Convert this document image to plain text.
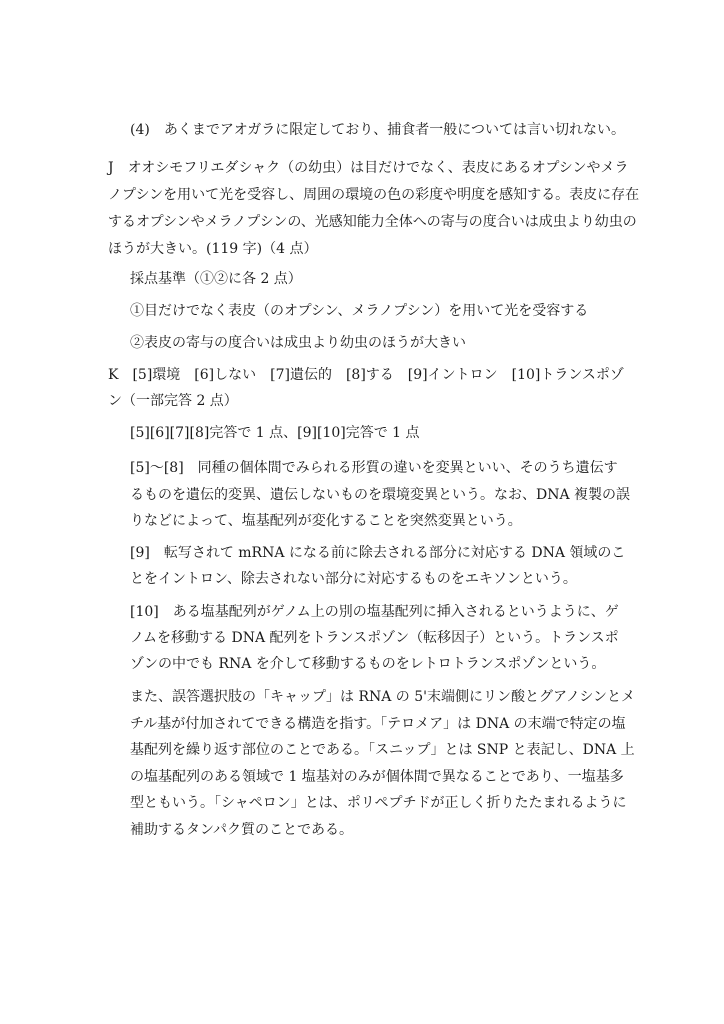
(4)　あくまでアオガラに限定しており、捕食者一般については言い切れない。
J　オオシモフリエダシャク（の幼虫）は目だけでなく、表皮にあるオプシンやメラ
ノプシンを用いて光を受容し、周囲の環境の色の彩度や明度を感知する。表皮に存在
するオプシンやメラノプシンの、光感知能力全体への寄与の度合いは成虫より幼虫の
ほうが大きい。(119 字)（4 点）
採点基準（①②に各 2 点）
①目だけでなく表皮（のオプシン、メラノプシン）を用いて光を受容する
②表皮の寄与の度合いは成虫より幼虫のほうが大きい
K　[5]環境　[6]しない　[7]遺伝的　[8]する　[9]イントロン　[10]トランスポゾ
ン（一部完答 2 点）
[5][6][7][8]完答で 1 点、[9][10]完答で 1 点
[5]～[8]　同種の個体間でみられる形質の違いを変異といい、そのうち遺伝す
るものを遺伝的変異、遺伝しないものを環境変異という。なお、DNA 複製の誤
りなどによって、塩基配列が変化することを突然変異という。
[9]　転写されて mRNA になる前に除去される部分に対応する DNA 領域のこ
とをイントロン、除去されない部分に対応するものをエキソンという。
[10]　ある塩基配列がゲノム上の別の塩基配列に挿入されるというように、ゲ
ノムを移動する DNA 配列をトランスポゾン（転移因子）という。トランスポ
ゾンの中でも RNA を介して移動するものをレトロトランスポゾンという。
また、誤答選択肢の「キャップ」は RNA の 5'末端側にリン酸とグアノシンとメ
チル基が付加されてできる構造を指す。「テロメア」は DNA の末端で特定の塩
基配列を繰り返す部位のことである。「スニップ」とは SNP と表記し、DNA 上
の塩基配列のある領域で 1 塩基対のみが個体間で異なることであり、一塩基多
型ともいう。「シャペロン」とは、ポリペプチドが正しく折りたたまれるように
補助するタンパク質のことである。
